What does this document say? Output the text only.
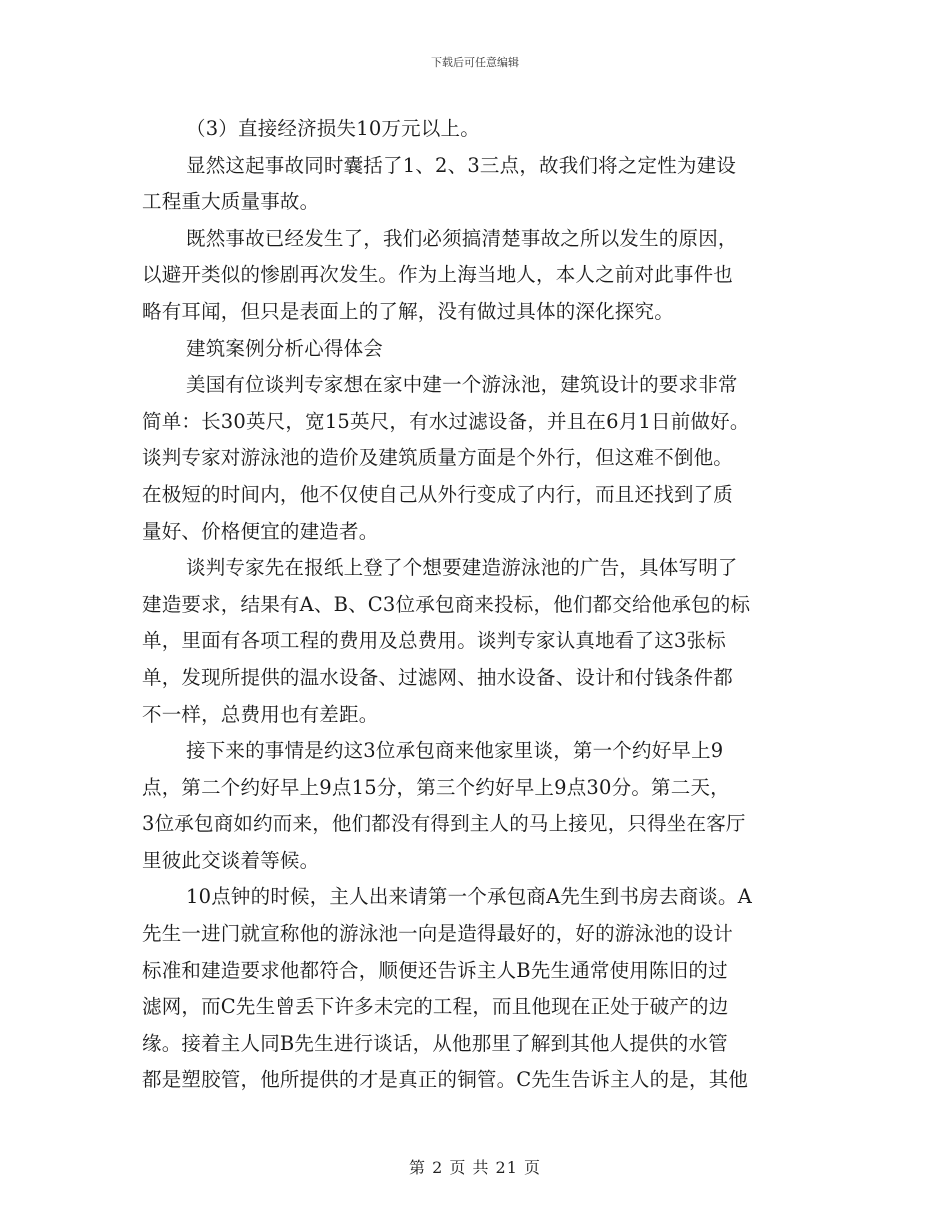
下载后可任意编辑
（3）直接经济损失10万元以上。
显然这起事故同时囊括了1、2、3三点，故我们将之定性为建设
工程重大质量事故。
既然事故已经发生了，我们必须搞清楚事故之所以发生的原因，
以避开类似的惨剧再次发生。作为上海当地人，本人之前对此事件也
略有耳闻，但只是表面上的了解，没有做过具体的深化探究。
建筑案例分析心得体会
美国有位谈判专家想在家中建一个游泳池，建筑设计的要求非常
简单：长30英尺，宽15英尺，有水过滤设备，并且在6月1日前做好。
谈判专家对游泳池的造价及建筑质量方面是个外行，但这难不倒他。
在极短的时间内，他不仅使自己从外行变成了内行，而且还找到了质
量好、价格便宜的建造者。
谈判专家先在报纸上登了个想要建造游泳池的广告，具体写明了
建造要求，结果有A、B、C3位承包商来投标，他们都交给他承包的标
单，里面有各项工程的费用及总费用。谈判专家认真地看了这3张标
单，发现所提供的温水设备、过滤网、抽水设备、设计和付钱条件都
不一样，总费用也有差距。
接下来的事情是约这3位承包商来他家里谈，第一个约好早上9
点，第二个约好早上9点15分，第三个约好早上9点30分。第二天，
3位承包商如约而来，他们都没有得到主人的马上接见，只得坐在客厅
里彼此交谈着等候。
10点钟的时候，主人出来请第一个承包商A先生到书房去商谈。A
先生一进门就宣称他的游泳池一向是造得最好的，好的游泳池的设计
标准和建造要求他都符合，顺便还告诉主人B先生通常使用陈旧的过
滤网，而C先生曾丢下许多未完的工程，而且他现在正处于破产的边
缘。接着主人同B先生进行谈话，从他那里了解到其他人提供的水管
都是塑胶管，他所提供的才是真正的铜管。C先生告诉主人的是，其他
第 2 页 共 21 页
